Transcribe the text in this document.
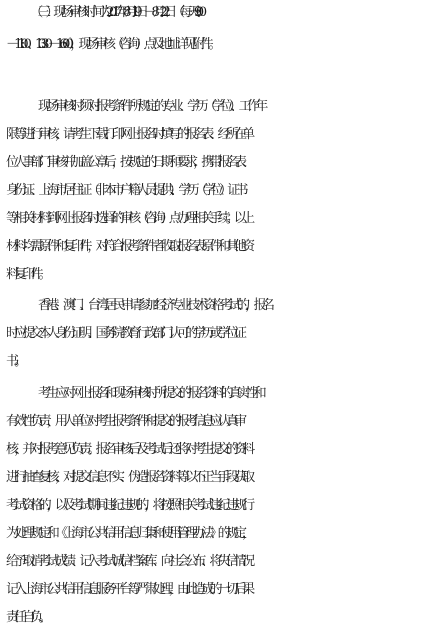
（三）现场审核时间为 2017 年 8 月 19 日－8 月 22 日（每天 9:00
－11:00、13:30－16:00），现场审核（咨询）点及地址详见附件。
现场审核时须对报考条件所规定的专业、学历（学位）、工作年
限等进行审核，请考生下载打印网上报名时填写的报名表、经所在单
位人事部门审核并加盖公章后，按规定的日期和要求，携带报名表、
身份证、上海市居住证（非本市户籍人员提供）、学历（学位）证书
等相关材料到网上报名时选择的审核（咨询）点办理相关手续。以上
材料均需原件和复印件，对符合报考条件者收取报名表原件和其他资
料复印件。
香港、澳门、台湾居民申请参加经济专业技术资格考试的，报名
时应提交本人身份证明、国务院教育行政部门认可的学历或学位证
书。
考生应对网上报名和现场审核时所提交的报名资料的真实性和
有效性负责，用人单位对考生报考条件和提交的报考信息应认真审
核，并对报考意见负责。报名审核后及考试后还将对考生提交的资料
进行抽查复核，对提交信息不实、伪造报名资料等以不正当手段获取
考试资格的，以及考试期间违纪违规的，将按照相关考试违纪违规行
为处理规定和《上海市公共信用信息归集和使用管理办法》的规定，
给予取消考试成绩、记入考试诚信档案库、向社会公布、将失信情况
记入上海市公共信用信息服务平台等严肃处理，由此造成的一切后果
责任自负。
